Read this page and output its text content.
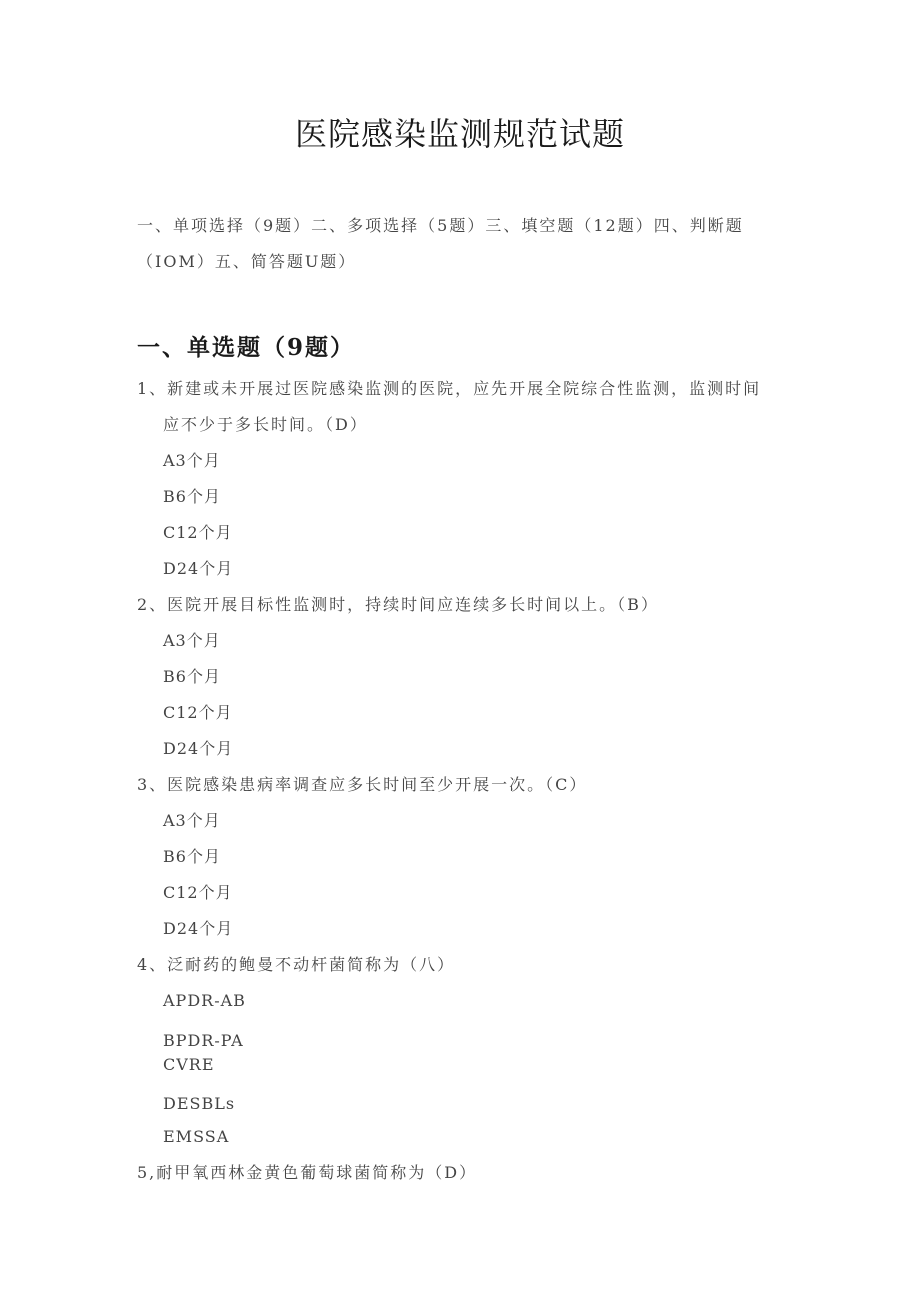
医院感染监测规范试题
一、单项选择（9题）二、多项选择（5题）三、填空题（12题）四、判断题（IOM）五、简答题U题）
一、单选题（9题）
1、新建或未开展过医院感染监测的医院，应先开展全院综合性监测，监测时间
应不少于多长时间。（D）
A3个月
B6个月
C12个月
D24个月
2、医院开展目标性监测时，持续时间应连续多长时间以上。（B）
A3个月
B6个月
C12个月
D24个月
3、医院感染患病率调查应多长时间至少开展一次。（C）
A3个月
B6个月
C12个月
D24个月
4、泛耐药的鲍曼不动杆菌简称为（八）
APDR-AB
BPDR-PA
CVRE
DESBLs
EMSSA
5,耐甲氧西林金黄色葡萄球菌简称为（D）
